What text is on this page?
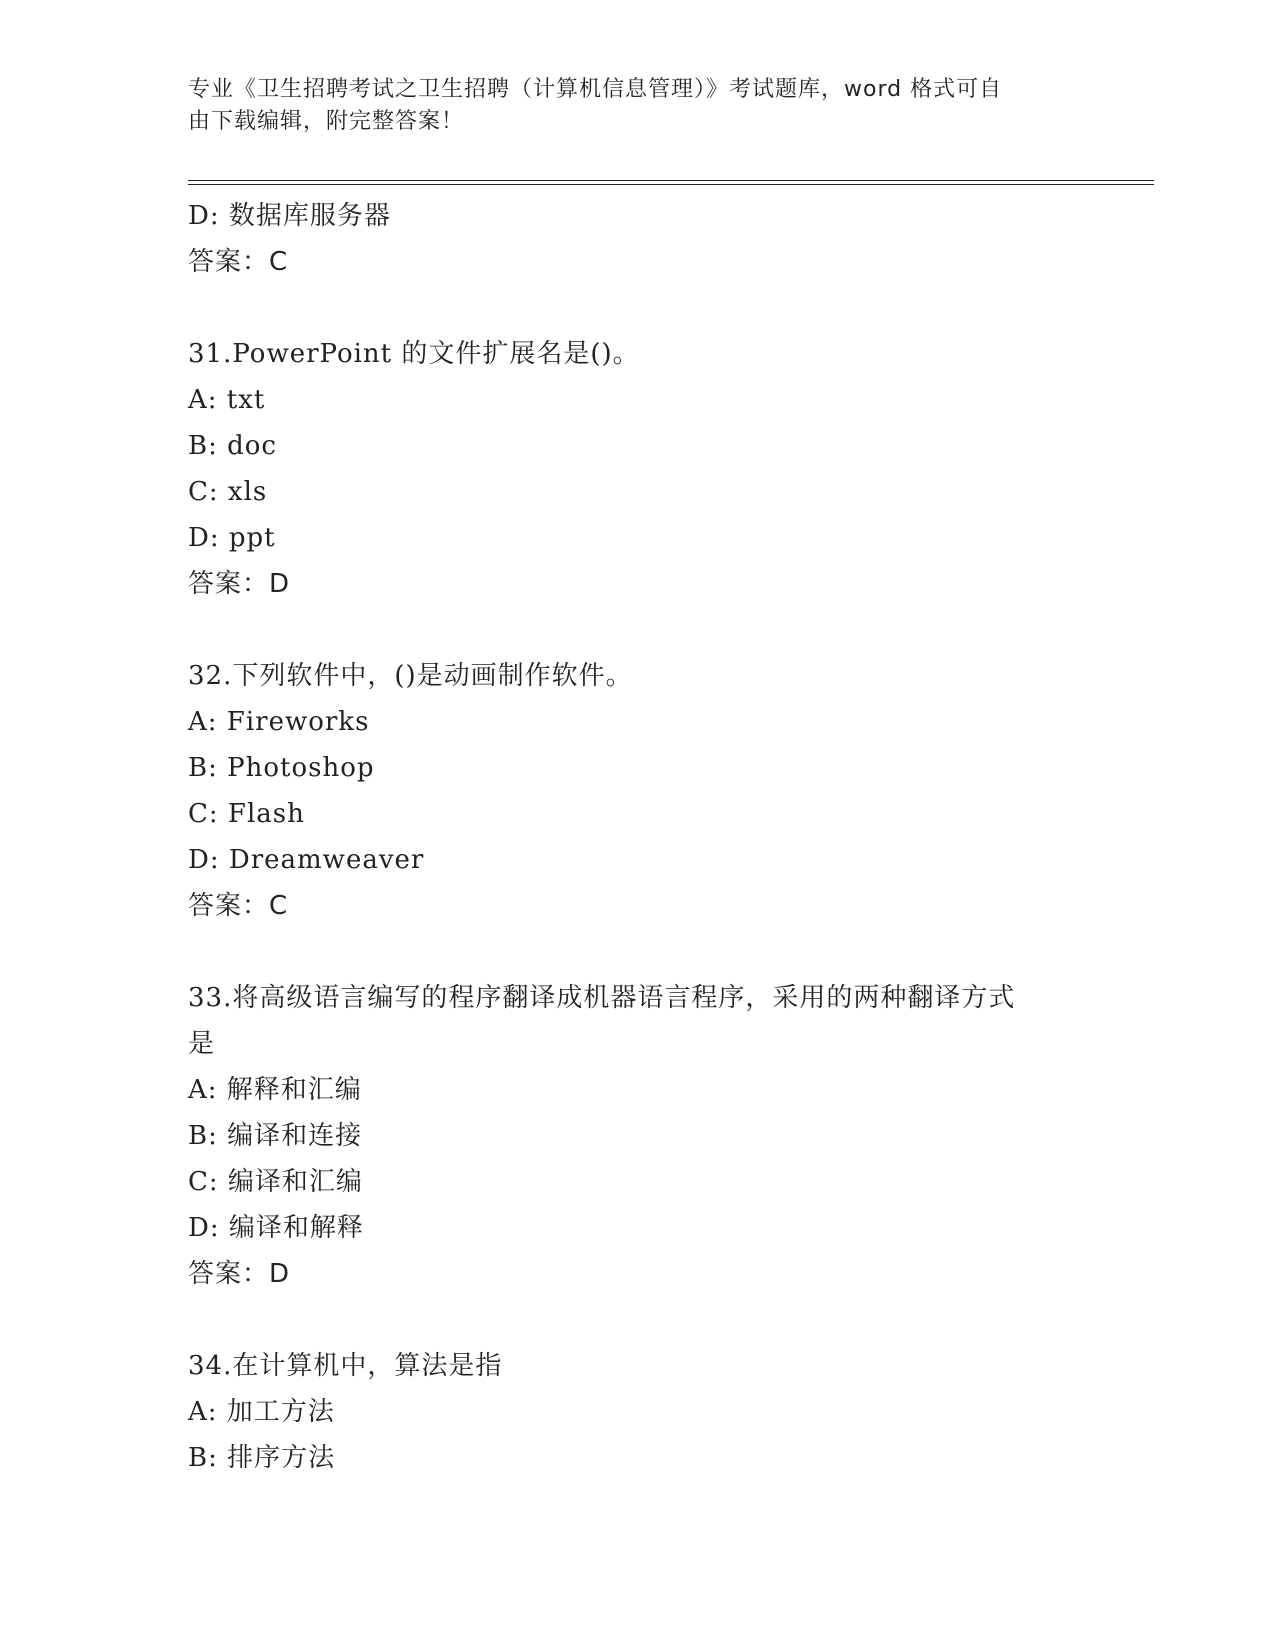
专业《卫生招聘考试之卫生招聘（计算机信息管理）》考试题库，word 格式可自
由下载编辑，附完整答案！
D: 数据库服务器
答案：C
31.PowerPoint 的文件扩展名是()。
A: txt
B: doc
C: xls
D: ppt
答案：D
32.下列软件中，()是动画制作软件。
A: Fireworks
B: Photoshop
C: Flash
D: Dreamweaver
答案：C
33.将高级语言编写的程序翻译成机器语言程序，采用的两种翻译方式
是
A: 解释和汇编
B: 编译和连接
C: 编译和汇编
D: 编译和解释
答案：D
34.在计算机中，算法是指
A: 加工方法
B: 排序方法
